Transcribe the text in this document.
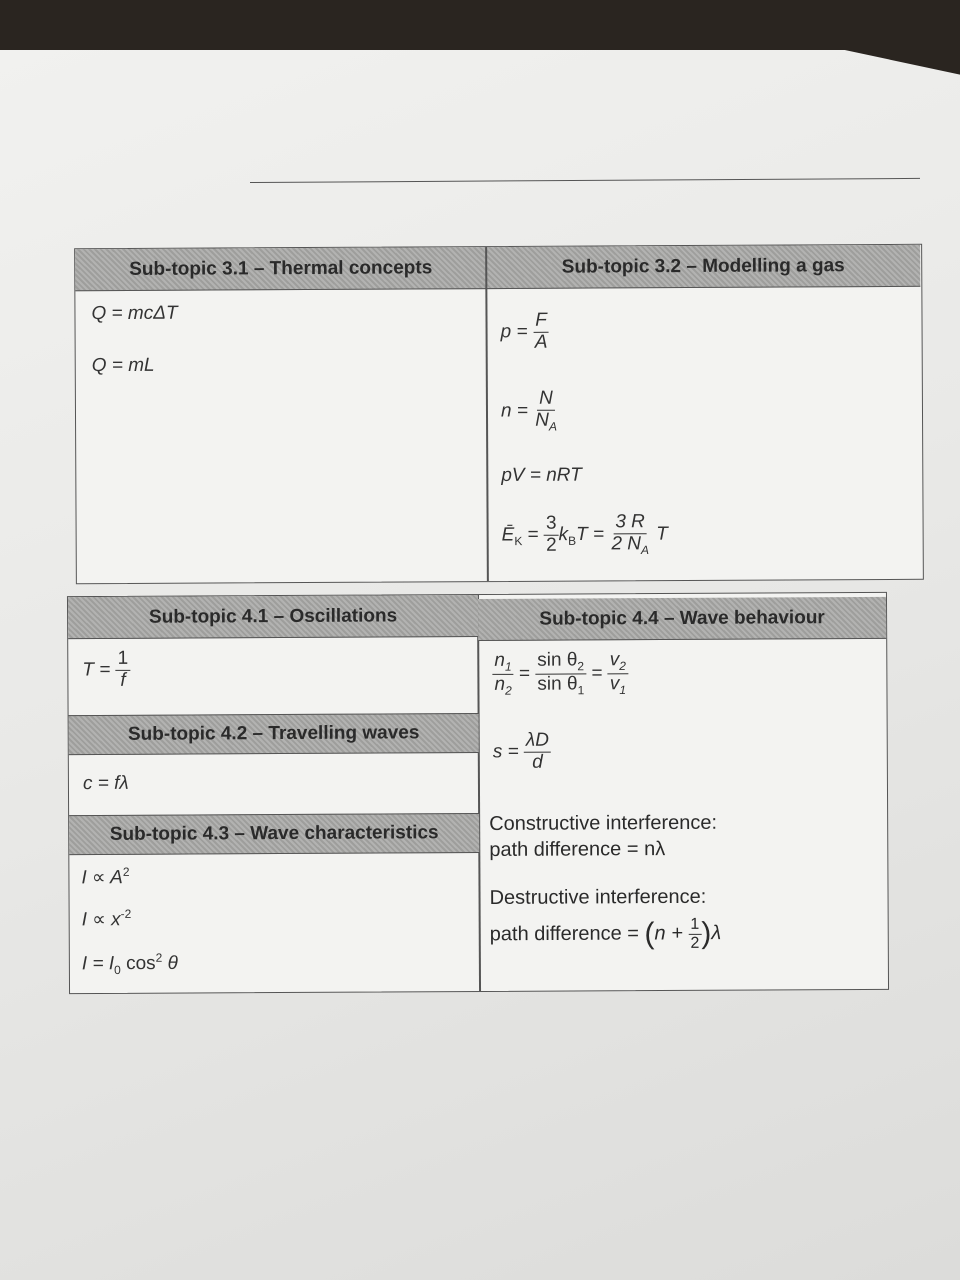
Sub-topic 3.1 – Thermal concepts	Sub-topic 3.2 – Modelling a gas
Q = mcΔT
Q = mL
$p = \frac{F}{A}$
$n = \frac{N}{N_A}$
pV = nRT
$Ē_K = \frac{3}{2} k_BT = \frac{3 R}{2 N_A}$ T
Sub-topic 4.1 – Oscillations	Sub-topic 4.4 – Wave behaviour
$T = \frac{1}{f}$
Sub-topic 4.2 – Travelling waves
c = fλ
Sub-topic 4.3 – Wave characteristics
$I \propto A^2$
$I \propto x^{-2}$
$I = I_0$ $\cos^2 \theta$
$\frac{n_1}{n_2} = \frac{\sin \theta_2}{\sin \theta_1} = \frac{v_2}{v_1}$
$s = \frac{\lambda D}{d}$
Constructive interference:
path difference = nλ
Destructive interference:
path difference = $(n + \frac{1}{2} )\lambda$
